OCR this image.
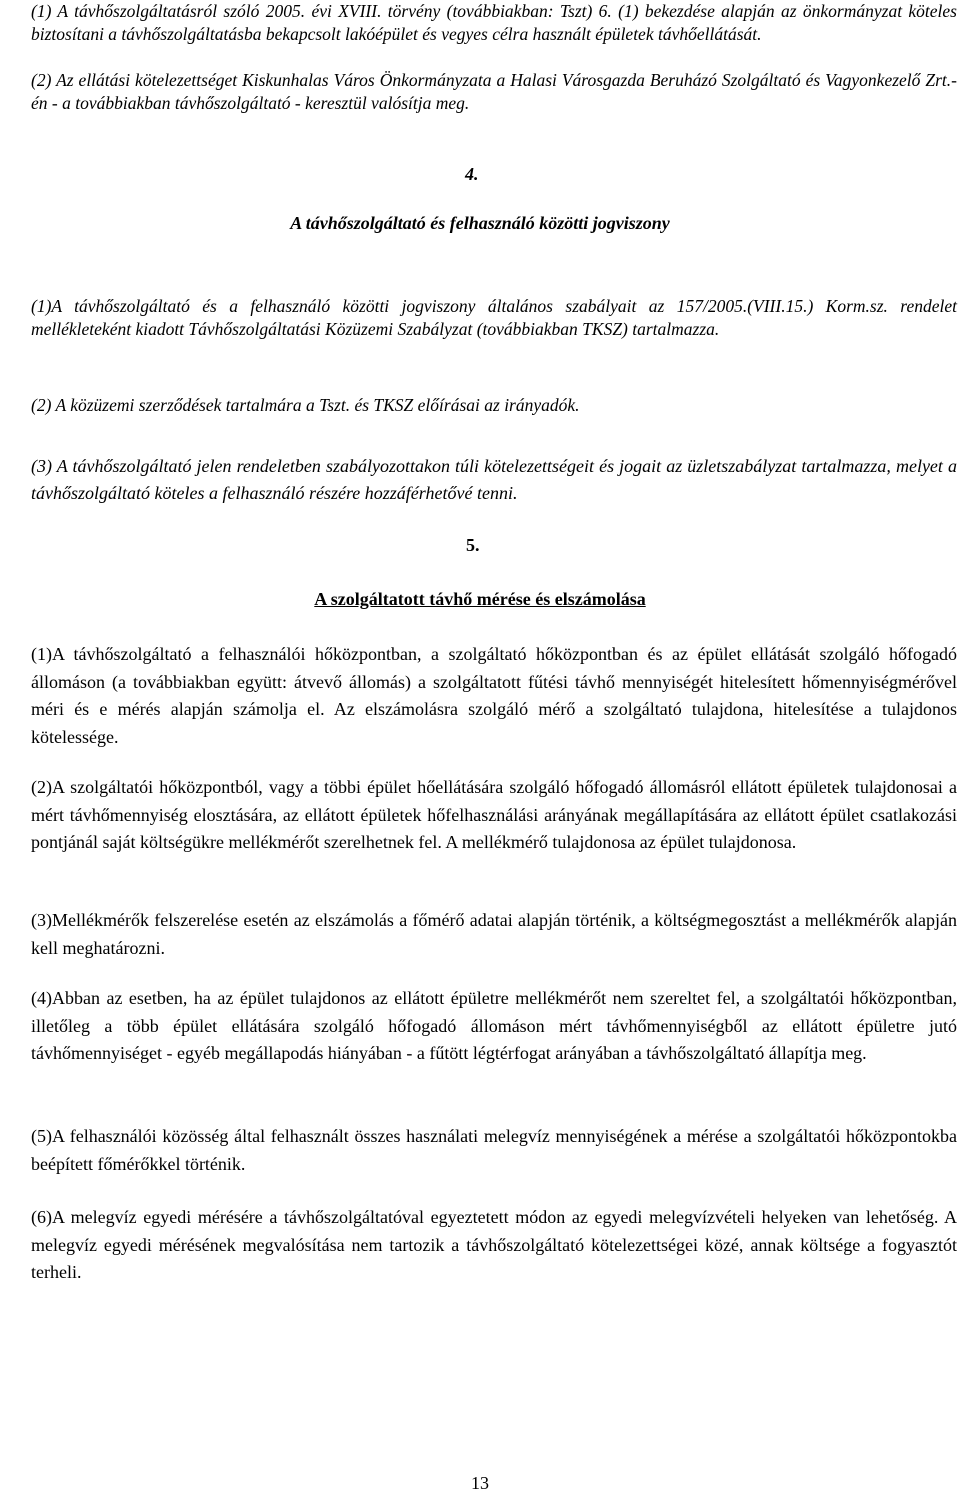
(1) A távhőszolgáltatásról szóló 2005. évi XVIII. törvény (továbbiakban: Tszt) 6. (1) bekezdése alapján az önkormányzat köteles biztosítani a távhőszolgáltatásba bekapcsolt lakóépület és vegyes célra használt épületek távhőellátását.

(2) Az ellátási kötelezettséget Kiskunhalas Város Önkormányzata a Halasi Városgazda Beruházó Szolgáltató és Vagyonkezelő Zrt.-én - a továbbiakban távhőszolgáltató - keresztül valósítja meg.

4.

A távhőszolgáltató és felhasználó közötti jogviszony

(1)A távhőszolgáltató és a felhasználó közötti jogviszony általános szabályait az 157/2005.(VIII.15.) Korm.sz. rendelet mellékleteként kiadott Távhőszolgáltatási Közüzemi Szabályzat (továbbiakban TKSZ) tartalmazza.

(2) A közüzemi szerződések tartalmára a Tszt. és TKSZ előírásai az irányadók.

(3) A távhőszolgáltató jelen rendeletben szabályozottakon túli kötelezettségeit és jogait az üzletszabályzat tartalmazza, melyet a távhőszolgáltató köteles a felhasználó részére hozzáférhetővé tenni.

5.

A szolgáltatott távhő mérése és elszámolása

(1)A távhőszolgáltató a felhasználói hőközpontban, a szolgáltató hőközpontban és az épület ellátását szolgáló hőfogadó állomáson (a továbbiakban együtt: átvevő állomás) a szolgáltatott fűtési távhő mennyiségét hitelesített hőmennyiségmérővel méri és e mérés alapján számolja el. Az elszámolásra szolgáló mérő a szolgáltató tulajdona, hitelesítése a tulajdonos kötelessége.

(2)A szolgáltatói hőközpontból, vagy a többi épület hőellátására szolgáló hőfogadó állomásról ellátott épületek tulajdonosai a mért távhőmennyiség elosztására, az ellátott épületek hőfelhasználási arányának megállapítására az ellátott épület csatlakozási pontjánál saját költségükre mellékmérőt szerelhetnek fel. A mellékmérő tulajdonosa az épület tulajdonosa.

(3)Mellékmérők felszerelése esetén az elszámolás a főmérő adatai alapján történik, a költségmegosztást a mellékmérők alapján kell meghatározni.

(4)Abban az esetben, ha az épület tulajdonos az ellátott épületre mellékmérőt nem szereltet fel, a szolgáltatói hőközpontban, illetőleg a több épület ellátására szolgáló hőfogadó állomáson mért távhőmennyiségből az ellátott épületre jutó távhőmennyiséget - egyéb megállapodás hiányában - a fűtött légtérfogat arányában a távhőszolgáltató állapítja meg.

(5)A felhasználói közösség által felhasznált összes használati melegvíz mennyiségének a mérése a szolgáltatói hőközpontokba beépített főmérőkkel történik.

(6)A melegvíz egyedi mérésére a távhőszolgáltatóval egyeztetett módon az egyedi melegvízvételi helyeken van lehetőség. A melegvíz egyedi mérésének megvalósítása nem tartozik a távhőszolgáltató kötelezettségei közé, annak költsége a fogyasztót terheli.

13
